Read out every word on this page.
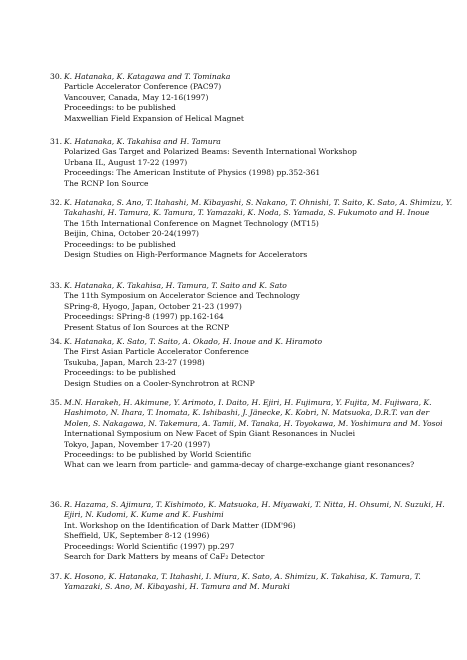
30. K. Hatanaka, K. Katagawa and T. Tominaka
Particle Accelerator Conference (PAC97)
Vancouver, Canada, May 12-16(1997)
Proceedings: to be published
Maxwellian Field Expansion of Helical Magnet
31. K. Hatanaka, K. Takahisa and H. Tamura
Polarized Gas Target and Polarized Beams: Seventh International Workshop
Urbana IL, August 17-22 (1997)
Proceedings: The American Institute of Physics (1998) pp.352-361
The RCNP Ion Source
32. K. Hatanaka, S. Ano, T. Itahashi, M. Kibayashi, S. Nakano, T. Ohnishi, T. Saito, K. Sato, A. Shimizu, Y. Takahashi, H. Tamura, K. Tamura, T. Yamazaki, K. Noda, S. Yamada, S. Fukumoto and H. Inoue
The 15th International Conference on Magnet Technology (MT15)
Beijin, China, October 20-24(1997)
Proceedings: to be published
Design Studies on High-Performance Magnets for Accelerators
33. K. Hatanaka, K. Takahisa, H. Tamura, T. Saito and K. Sato
The 11th Symposium on Accelerator Science and Technology
SPring-8, Hyogo, Japan, October 21-23 (1997)
Proceedings: SPring-8 (1997) pp.162-164
Present Status of Ion Sources at the RCNP
34. K. Hatanaka, K. Sato, T. Saito, A. Okado, H. Inoue and K. Hiramoto
The First Asian Particle Accelerator Conference
Tsukuba, Japan, March 23-27 (1998)
Proceedings: to be published
Design Studies on a Cooler-Synchrotron at RCNP
35. M.N. Harakeh, H. Akimune, Y. Arimoto, I. Daito, H. Ejiri, H. Fujimura, Y. Fujita, M. Fujiwara, K. Hashimoto, N. Ihara, T. Inomata, K. Ishibashi, J. Jänecke, K. Kobri, N. Matsuoka, D.R.T. van der Molen, S. Nakagawa, N. Takemura, A. Tamii, M. Tanaka, H. Toyokawa, M. Yoshimura and M. Yosoi
International Symposium on New Facet of Spin Giant Resonances in Nuclei
Tokyo, Japan, November 17-20 (1997)
Proceedings: to be published by World Scientific
What can we learn from particle- and gamma-decay of charge-exchange giant resonances?
36. R. Hazama, S. Ajimura, T. Kishimoto, K. Matsuoka, H. Miyawaki, T. Nitta, H. Ohsumi, N. Suzuki, H. Ejiri, N. Kudomi, K. Kume and K. Fushimi
Int. Workshop on the Identification of Dark Matter (IDM'96)
Sheffield, UK, September 8-12 (1996)
Proceedings: World Scientific (1997) pp.297
Search for Dark Matters by means of CaF₂ Detector
37. K. Hosono, K. Hatanaka, T. Itahashi, I. Miura, K. Sato, A. Shimizu, K. Takahisa, K. Tamura, T. Yamazaki, S. Ano, M. Kibayashi, H. Tamura and M. Muraki
